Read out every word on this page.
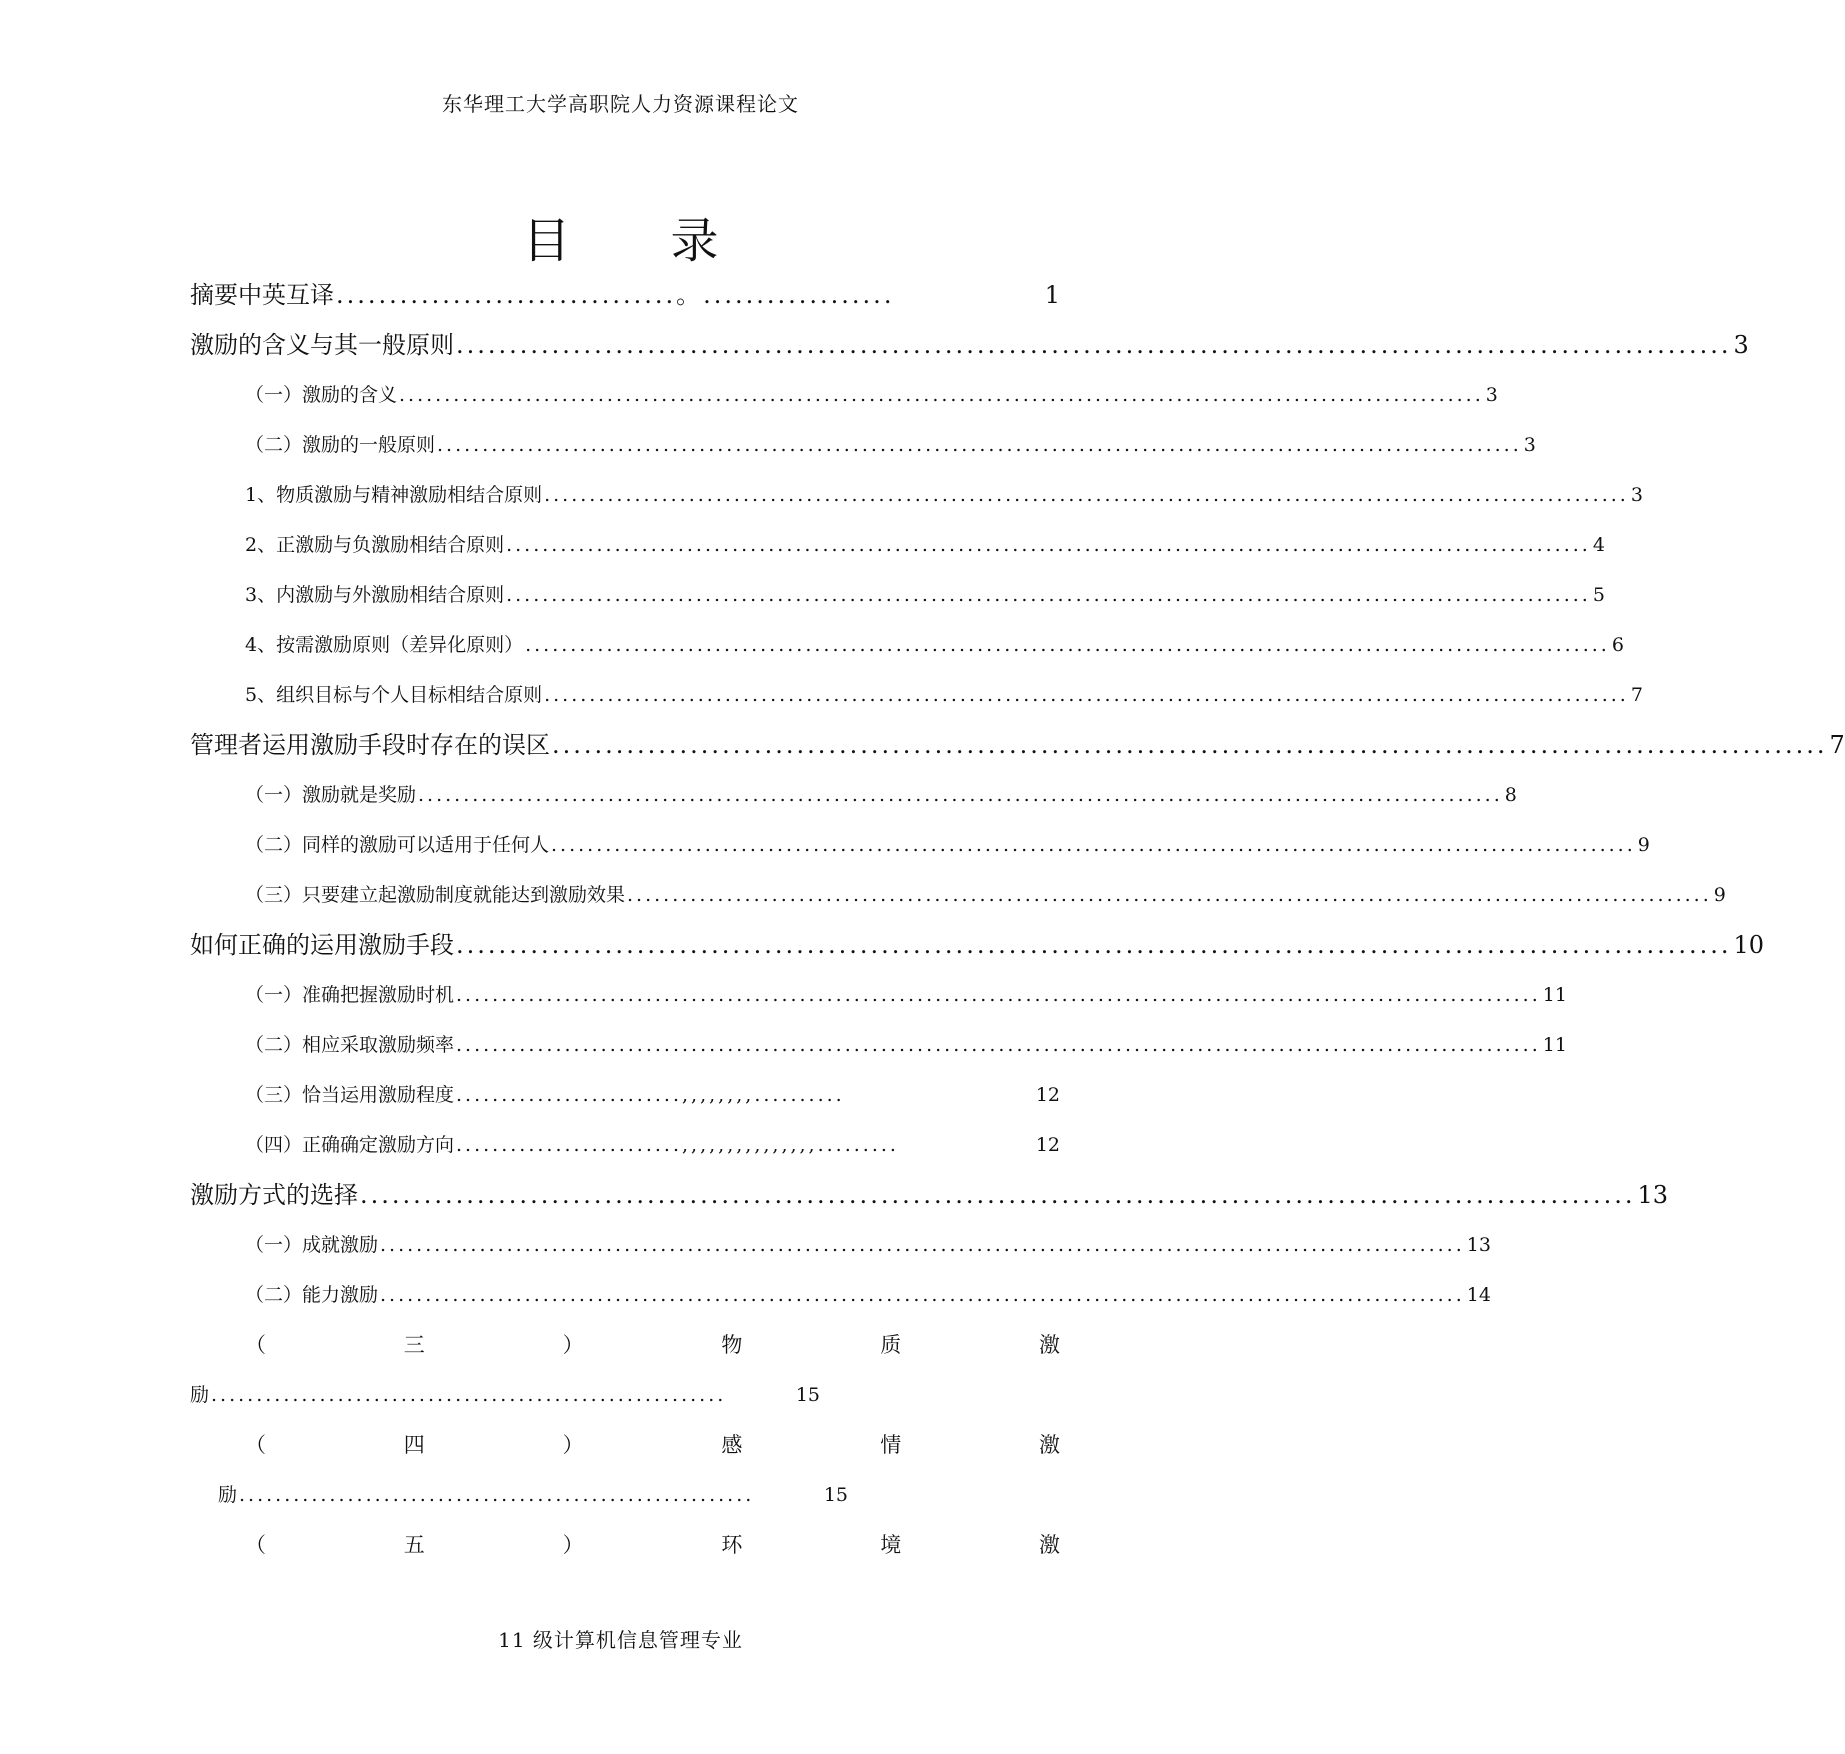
东华理工大学高职院人力资源课程论文
目 录
摘要中英互译 ................................。..................	1
激励的含义与其一般原则 ........................................................................................................................ 3
（一）激励的含义 ........................................................................................................................ 3
（二）激励的一般原则 ........................................................................................................................ 3
1、物质激励与精神激励相结合原则 ........................................................................................................................ 3
2、正激励与负激励相结合原则 ........................................................................................................................ 4
3、内激励与外激励相结合原则 ........................................................................................................................ 5
4、按需激励原则（差异化原则） ........................................................................................................................ 6
5、组织目标与个人目标相结合原则 ........................................................................................................................ 7
管理者运用激励手段时存在的误区 ........................................................................................................................ 7
（一）激励就是奖励 ........................................................................................................................ 8
（二）同样的激励可以适用于任何人 ........................................................................................................................ 9
（三）只要建立起激励制度就能达到激励效果 ........................................................................................................................ 9
如何正确的运用激励手段 ........................................................................................................................ 10
（一）准确把握激励时机 ........................................................................................................................ 11
（二）相应采取激励频率 ........................................................................................................................ 11
（三）恰当运用激励程度 .........................,,,,,,,,..........	12
（四）正确确定激励方向 .........................,,,,,,,,,,,,,,,.........	12
激励方式的选择 ........................................................................................................................ 13
（一）成就激励 ........................................................................................................................ 13
（二）能力激励 ........................................................................................................................ 14
（	三	）	物	质	激
励 .........................................................	15
（	四	）	感	情	激
励 .........................................................	15
（	五	）	环	境	激
11 级计算机信息管理专业
